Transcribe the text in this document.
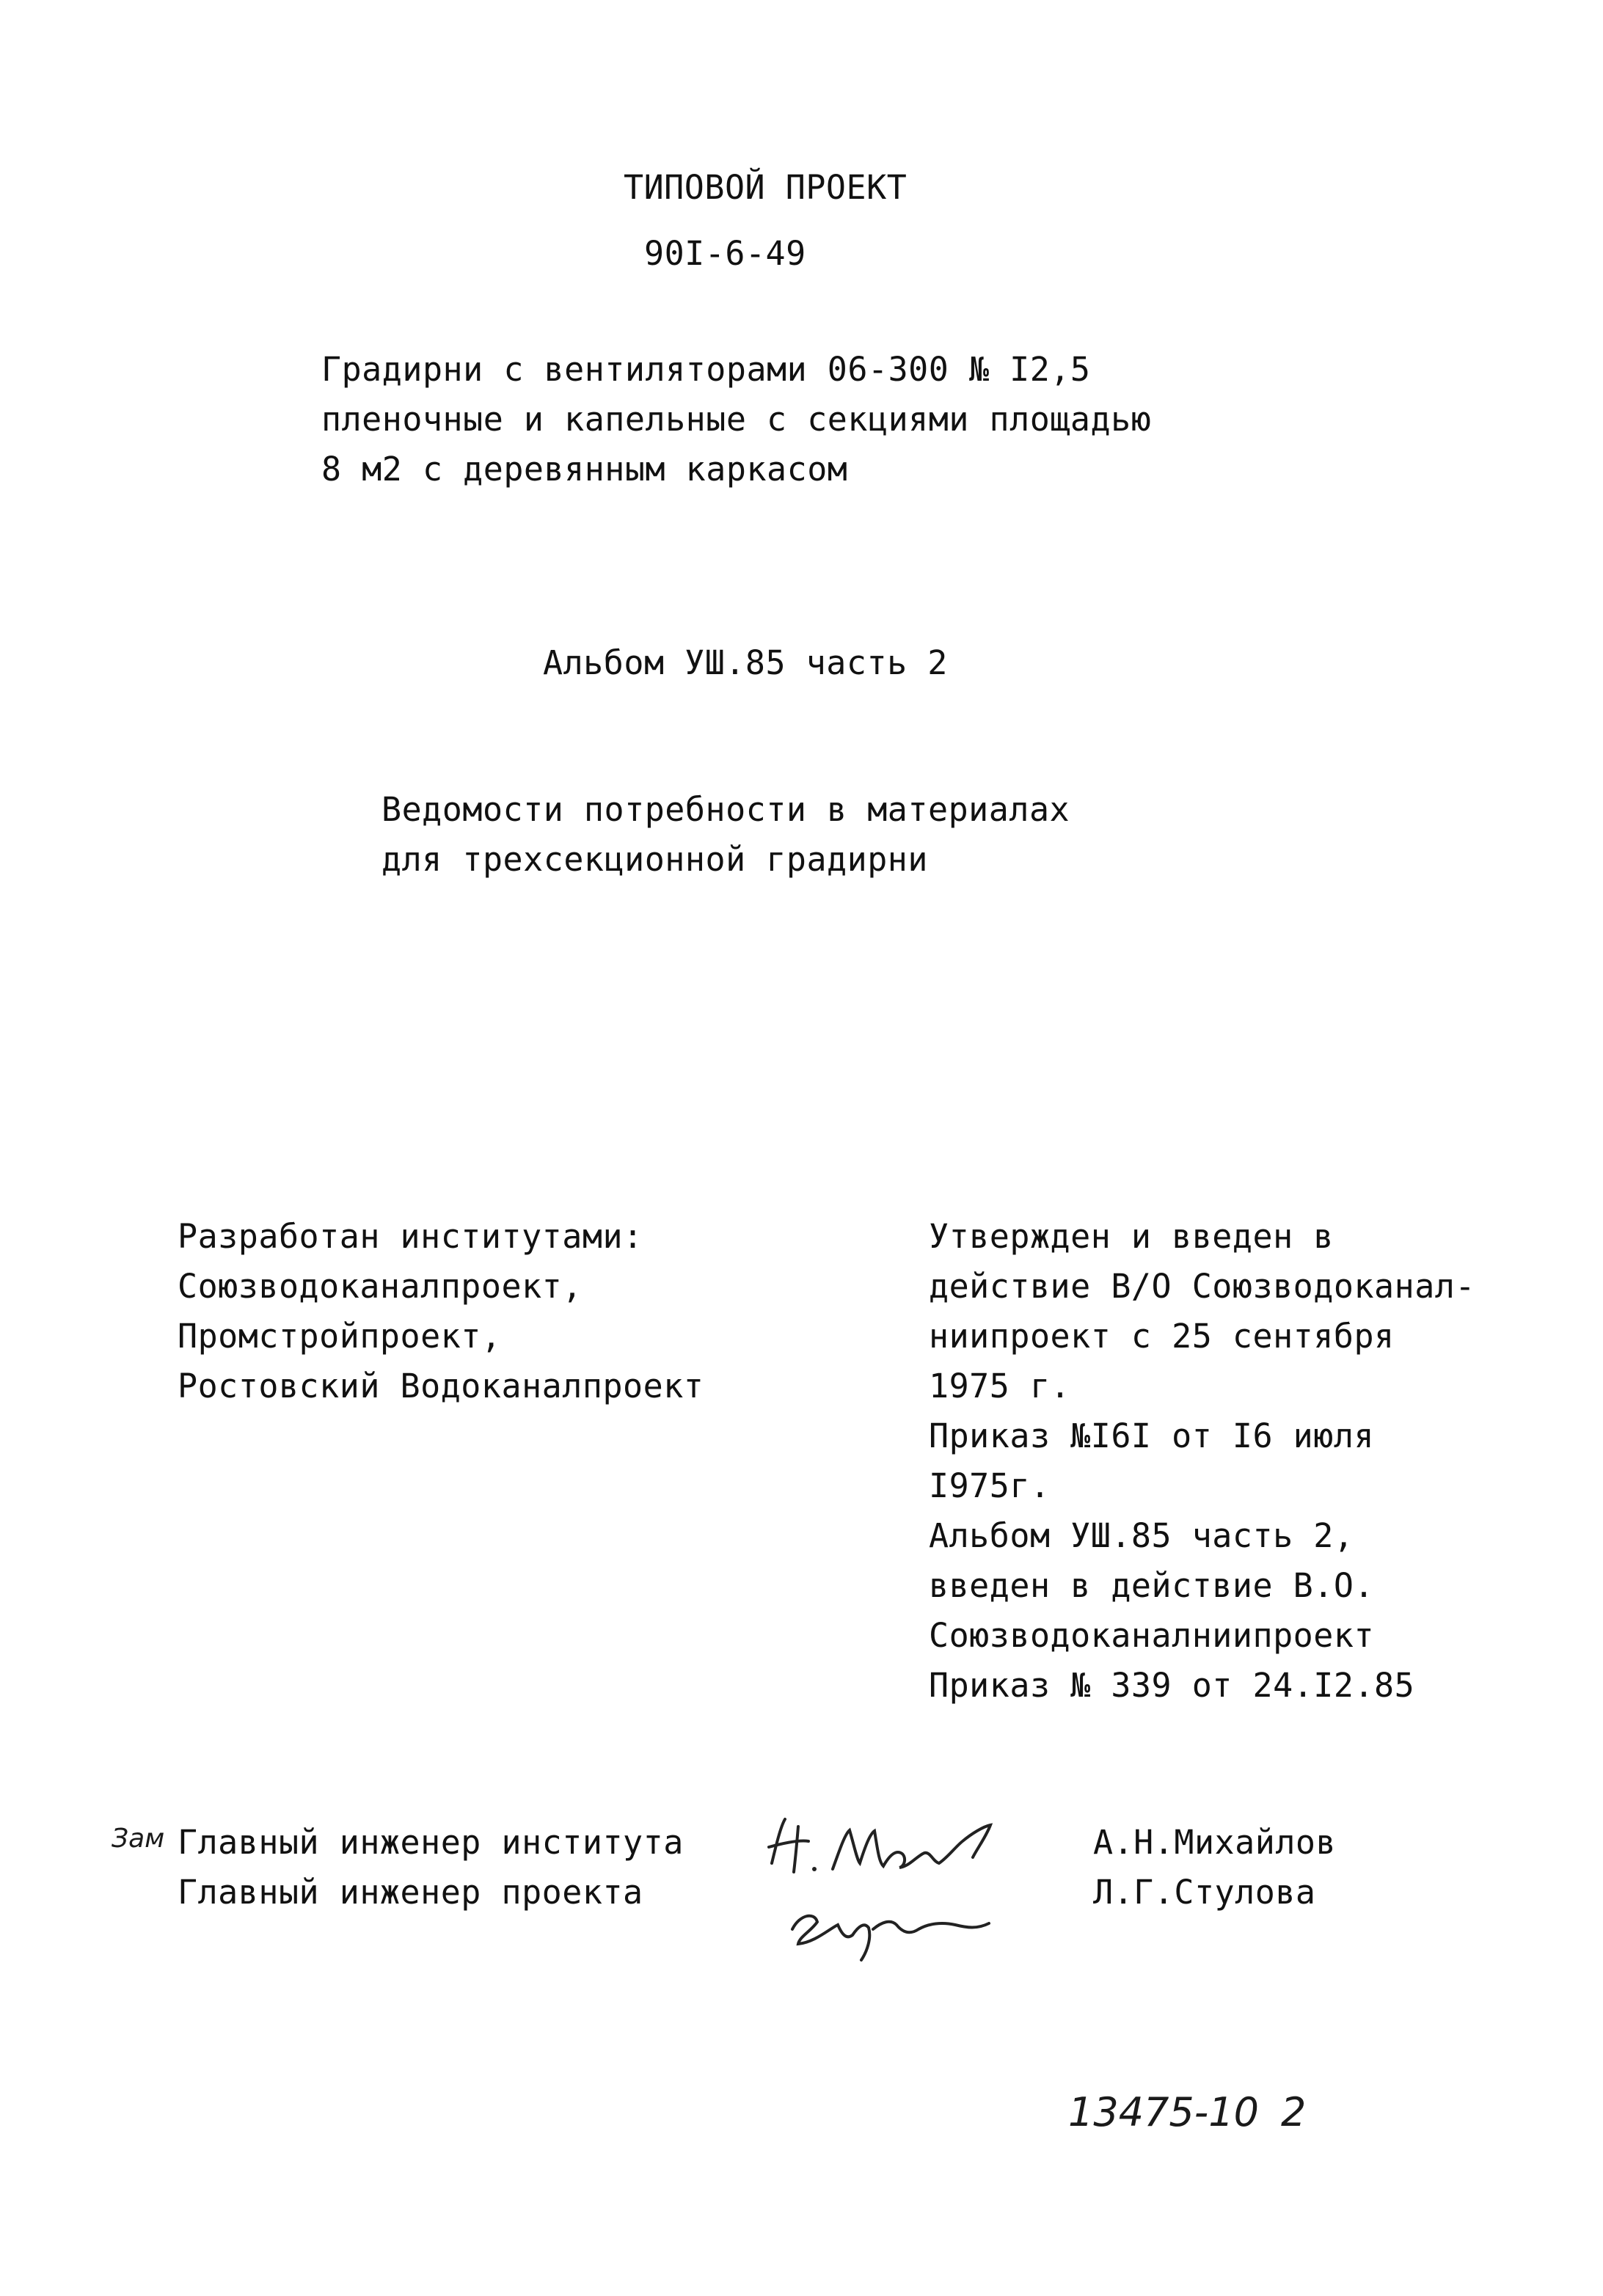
ТИПОВОЙ ПРОЕКТ
90I-6-49
Градирни с вентиляторами 06-300 № I2,5
пленочные и капельные с секциями площадью
8 м2 с деревянным каркасом
Альбом УШ.85 часть 2
Ведомости потребности в материалах
для трехсекционной градирни
Разработан институтами:
Союзводоканалпроект,
Промстройпроект,
Ростовский Водоканалпроект
Утвержден и введен в
действие В/О Союзводоканал-
ниипроект с 25 сентября
1975 г.
Приказ №I6I от I6 июля
I975г.
Альбом УШ.85 часть 2,
введен в действие В.О.
Союзводоканалниипроект
Приказ № 339 от 24.I2.85
Зам Главный инженер института	А.Н.Михайлов
Главный инженер проекта	Л.Г.Стулова
13475-10 2
